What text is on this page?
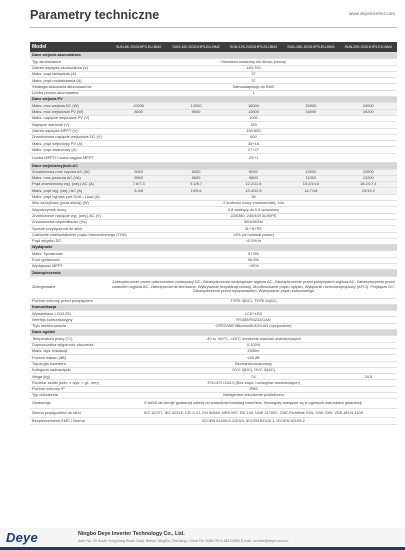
Parametry techniczne	www.deyeinverter.com
Model	SUN-8K-SG01HP3-EU-BM2	SUN-10K-SG01HP3-EU-BM2	SUN-12K-SG01HP3-EU-BM3	SUN-15K-SG01HP3-EU-BM3	SUN-20K-SG01HP3-EU-BM4
Dane wejścia akumulatora
Typ akumulatora	Ołowiowo-kwasowy lub litowo-jonowy
Zakres napięcia akumulatora (V)	160-700
Maks. prąd ładowania (A)	37
Maks. prąd rozładowania (A)	37
Strategia ładowania akumulatorów	Samoadaptacja do BMS
Liczba portów akumulatora	1
Dane wejścia PV
Maks. moc wejścia DC (W)	10000	12000	16000	20000	24000
Maks. moc wejściowa PV (W)	8000	9600	12800	16000	19200
Maks. napięcie wejściowe PV (V)	1000
Napięcie startowe (V)	180
Zakres napięcia MPPT (V)	150-850
Znamionowe napięcie wejściowe DC (V)	600
Maks. prąd wejściowy PV (A)	36+18
Maks. prąd zwarciowy (A)	27+27
Liczba MPPT/ Liczba ciągów MPPT	2/1+1
Dane wejścia/wyjścia AC
Znamionowa moc czynna AC (W)	5000	6000	8000	10000	12000
Maks. moc pozorna AC (VA)	5500	6600	8800	11000	13200
Prąd znamionowy wyj. (wej.) AC (A)	7.6/7.3	9.1/8.7	12.2/11.6	15.2/14.5	18.2/17.4
Maks. prąd wyj. (wej.) AC (A)	8.4/8	10/9.6	13.4/12.8	16.7/16	20/19.2
Maks. prąd bypass port Grid→Load (A)	35
Moc szczytowa (poza siecią) (W)	2 krotność mocy znamionowej, 10s
Współczynnik mocy	0.8 wiodący do 0.8 opóźniony
Znamionowe napięcie wyj. (wej.) AC (V)	220/380, 230/400 3L/N/PE
Znamionowa częstotliwość (Hz)	50Hz/60Hz
Sposób przyłączenia do sieci	3L+N+PE
Całkowite zniekształcenie prądu harmonicznego (THD)	<3% (of nominal power)
Prąd wtrysku DC	<0.5% In
Wydajność
Maks. Sprawność	97.6%
Euro sprawność	96.5%
Wydajność MPPT	>99%
Zabezpieczenia
Zintegrowane
Zabezpieczenie przed odwróceniem polaryzacji DC, Zabezpieczenie nadprądowe wyjścia AC, Zabezpieczenie przed przepięciem wyjścia AC, Zabezpieczenie przed zwarciem wyjścia AC, Zabezpieczenie termiczne, Wykrywanie rezystancji izolacji, Monitorowanie prądu upływu, Wyłącznik różnicowoprądowy (AFCI), Przyłącze DC, Zabezpieczenie przed wyspowaniem, Wykrywanie prądu zwarciowego
Poziom ochrony przed przepięciem	TYPE II(DC), TYPE III(AC)
Komunikacja
Wyświetlacz LCD/LED	LCD+LED
Interfejs komunikacyjny	RS485/RS232/CAN
Tryb monitorowania	GPRS/WIFI/Bluetooth/4G/LAN (opcjonalnie)
Dane ogólne
Temperatura pracy (°C)	-40 to +60°C, >45°C obniżenie wartości znamionowych
Dopuszczalna wilgotność otoczenia	0-100%
Maks. wys. instalacji	2000m
Poziom hałasu (dB)	≤45 dB
Topologia inwertera	Beztransformatorowy
Kategoria nadnapięcia	OVC II(DC), OVC III(AC)
Waga (kg)	24	24.5
Rozmiar szafki (szer. × wys. × gł., mm)	376×470×244.5 (Bez złącz i uchwytów montażowych)
Poziom ochrony IP	IP65
Typ chłodzenia	Inteligentne chłodzenie powietrzem
Gwarancja	5 lat/10 lat wersje gwarancji zależy od warunków instalacji inwertera. Szczegóły dostępne są w ogólnych warunkach gwarancji.
Norma przyłączenia do sieci	IEC 61727, IEC 62116, CEI 0-21, EN 50549, NRS 097, RD 140, UNE 217002, OVE-Richtlinie R25, G98, G99, VDE-AR-N 4105
Bezpieczeństwo EMC / Norma	IEC/EN 61000-6-1/2/3/4, IEC/EN 62109-1, IEC/EN 62109-2
Deye	Ningbo Deye Inverter Technology Co., Ltd.
Add: No. 26 South YongJiang Road, Daqi, Beilun, NingBo, ZheJiang, China Tel: 0086-0574-86120560 E-mail: service@deye.com.cn
